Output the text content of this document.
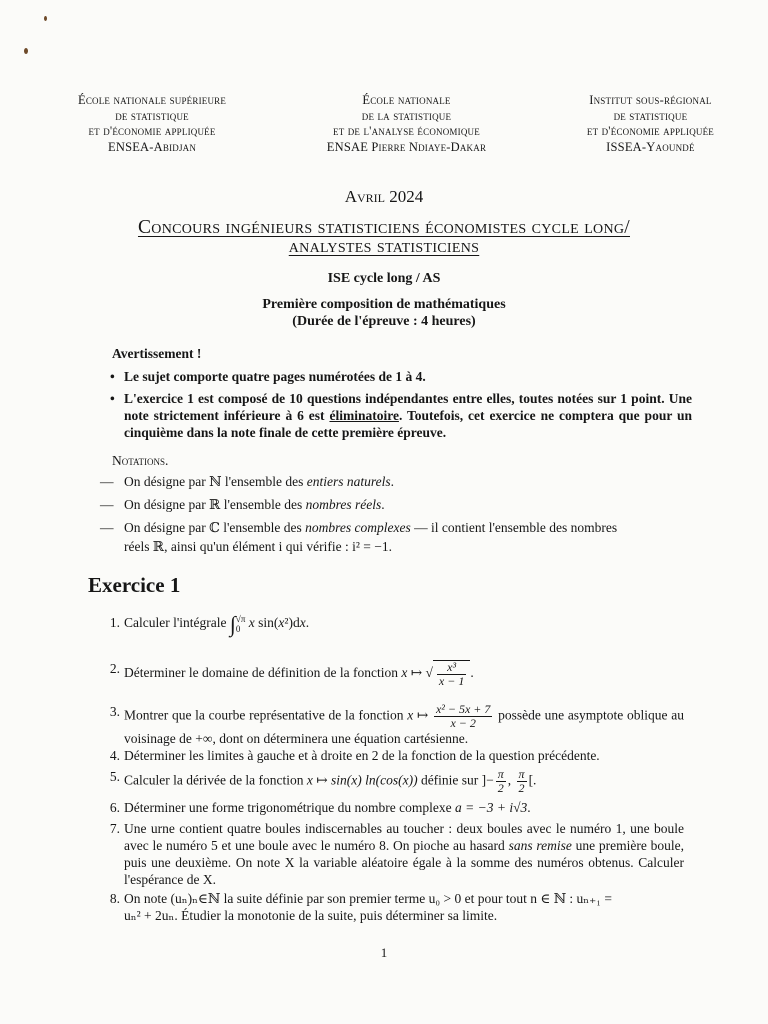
École nationale supérieure
de statistique
et d'économie appliquée
ENSEA-Abidjan
École nationale
de la statistique
et de l'analyse économique
ENSAE Pierre Ndiaye-Dakar
Institut sous-régional
de statistique
et d'économie appliquée
ISSEA-Yaoundé
Avril 2024
Concours ingénieurs statisticiens économistes cycle long/
analystes statisticiens
ISE cycle long / AS
Première composition de mathématiques
(Durée de l'épreuve : 4 heures)
Avertissement !
• Le sujet comporte quatre pages numérotées de 1 à 4.
• L'exercice 1 est composé de 10 questions indépendantes entre elles, toutes notées sur 1 point. Une note strictement inférieure à 6 est éliminatoire. Toutefois, cet exercice ne comptera que pour un cinquième dans la note finale de cette première épreuve.
Notations.
— On désigne par ℕ l'ensemble des entiers naturels.
— On désigne par ℝ l'ensemble des nombres réels.
— On désigne par ℂ l'ensemble des nombres complexes — il contient l'ensemble des nombres
réels ℝ, ainsi qu'un élément i qui vérifie : i² = −1.
Exercice 1
1. Calculer l'intégrale ∫√π
0 x sin(x²)dx.
2. Déterminer le domaine de définition de la fonction x ↦ √ $\frac{\text{x³}}{x - 1}$ .
3. Montrer que la courbe représentative de la fonction x ↦ $\frac{\text{x² − 5x + 7}}{x - 2}$ possède une asymptote oblique au voisinage de +∞, dont on déterminera une équation cartésienne.
4. Déterminer les limites à gauche et à droite en 2 de la fonction de la question précédente.
5. Calculer la dérivée de la fonction x ↦ sin(x) ln(cos(x)) définie sur ]− $\frac{\pi}{2}$ , $\frac{\pi}{2}$ [.
6. Déterminer une forme trigonométrique du nombre complexe a = −3 + i√3.
7. Une urne contient quatre boules indiscernables au toucher : deux boules avec le numéro 1, une boule avec le numéro 5 et une boule avec le numéro 8. On pioche au hasard sans remise une première boule, puis une deuxième. On note X la variable aléatoire égale à la somme des numéros obtenus. Calculer l'espérance de X.
8. On note (uₙ)ₙ∈ℕ la suite définie par son premier terme u₀ > 0 et pour tout n ∈ ℕ : uₙ₊₁ =
uₙ² + 2uₙ. Étudier la monotonie de la suite, puis déterminer sa limite.
1
